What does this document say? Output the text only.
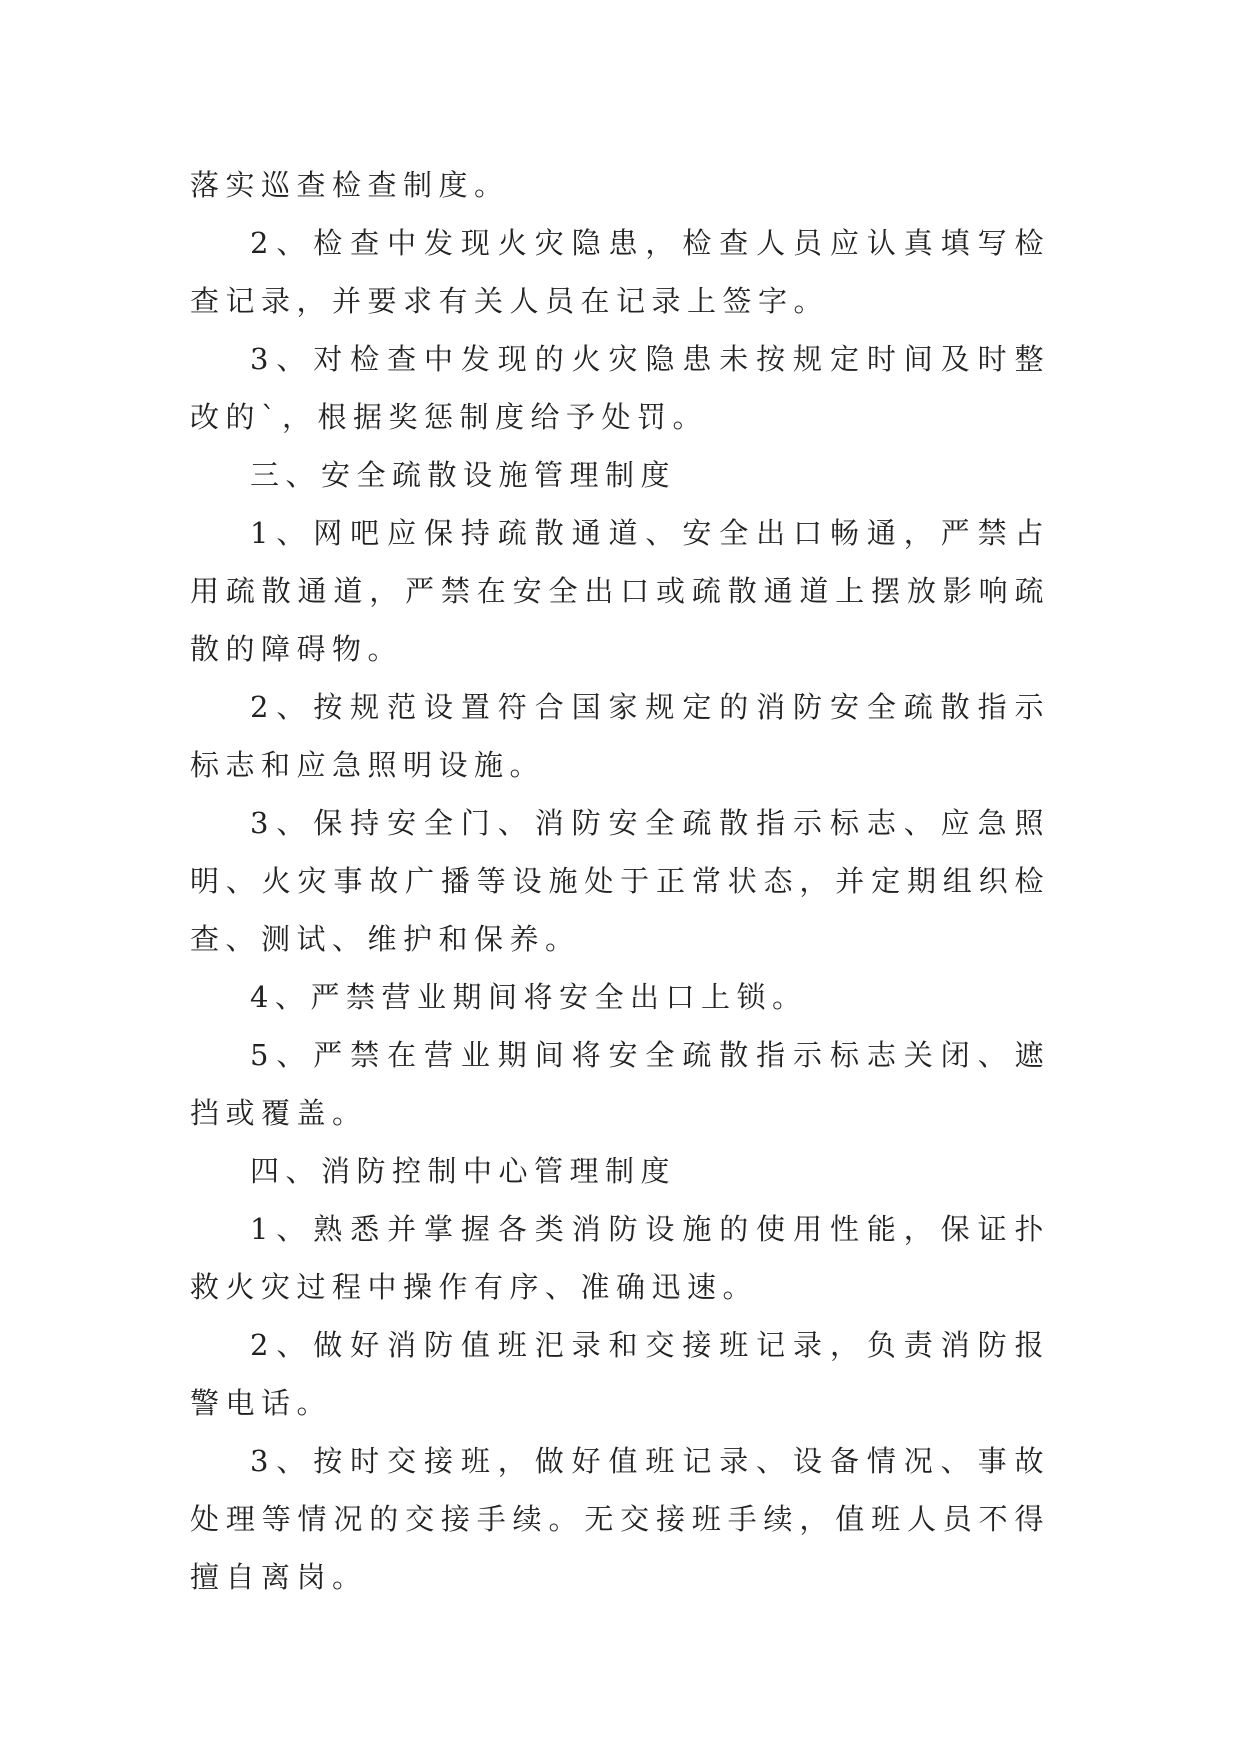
落实巡查检查制度。

2、检查中发现火灾隐患，检查人员应认真填写检查记录，并要求有关人员在记录上签字。

3、对检查中发现的火灾隐患未按规定时间及时整改的`，根据奖惩制度给予处罚。

三、安全疏散设施管理制度

1、网吧应保持疏散通道、安全出口畅通，严禁占用疏散通道，严禁在安全出口或疏散通道上摆放影响疏散的障碍物。

2、按规范设置符合国家规定的消防安全疏散指示标志和应急照明设施。

3、保持安全门、消防安全疏散指示标志、应急照明、火灾事故广播等设施处于正常状态，并定期组织检查、测试、维护和保养。

4、严禁营业期间将安全出口上锁。

5、严禁在营业期间将安全疏散指示标志关闭、遮挡或覆盖。

四、消防控制中心管理制度

1、熟悉并掌握各类消防设施的使用性能，保证扑救火灾过程中操作有序、准确迅速。

2、做好消防值班汜录和交接班记录，负责消防报警电话。

3、按时交接班，做好值班记录、设备情况、事故处理等情况的交接手续。无交接班手续，值班人员不得擅自离岗。
